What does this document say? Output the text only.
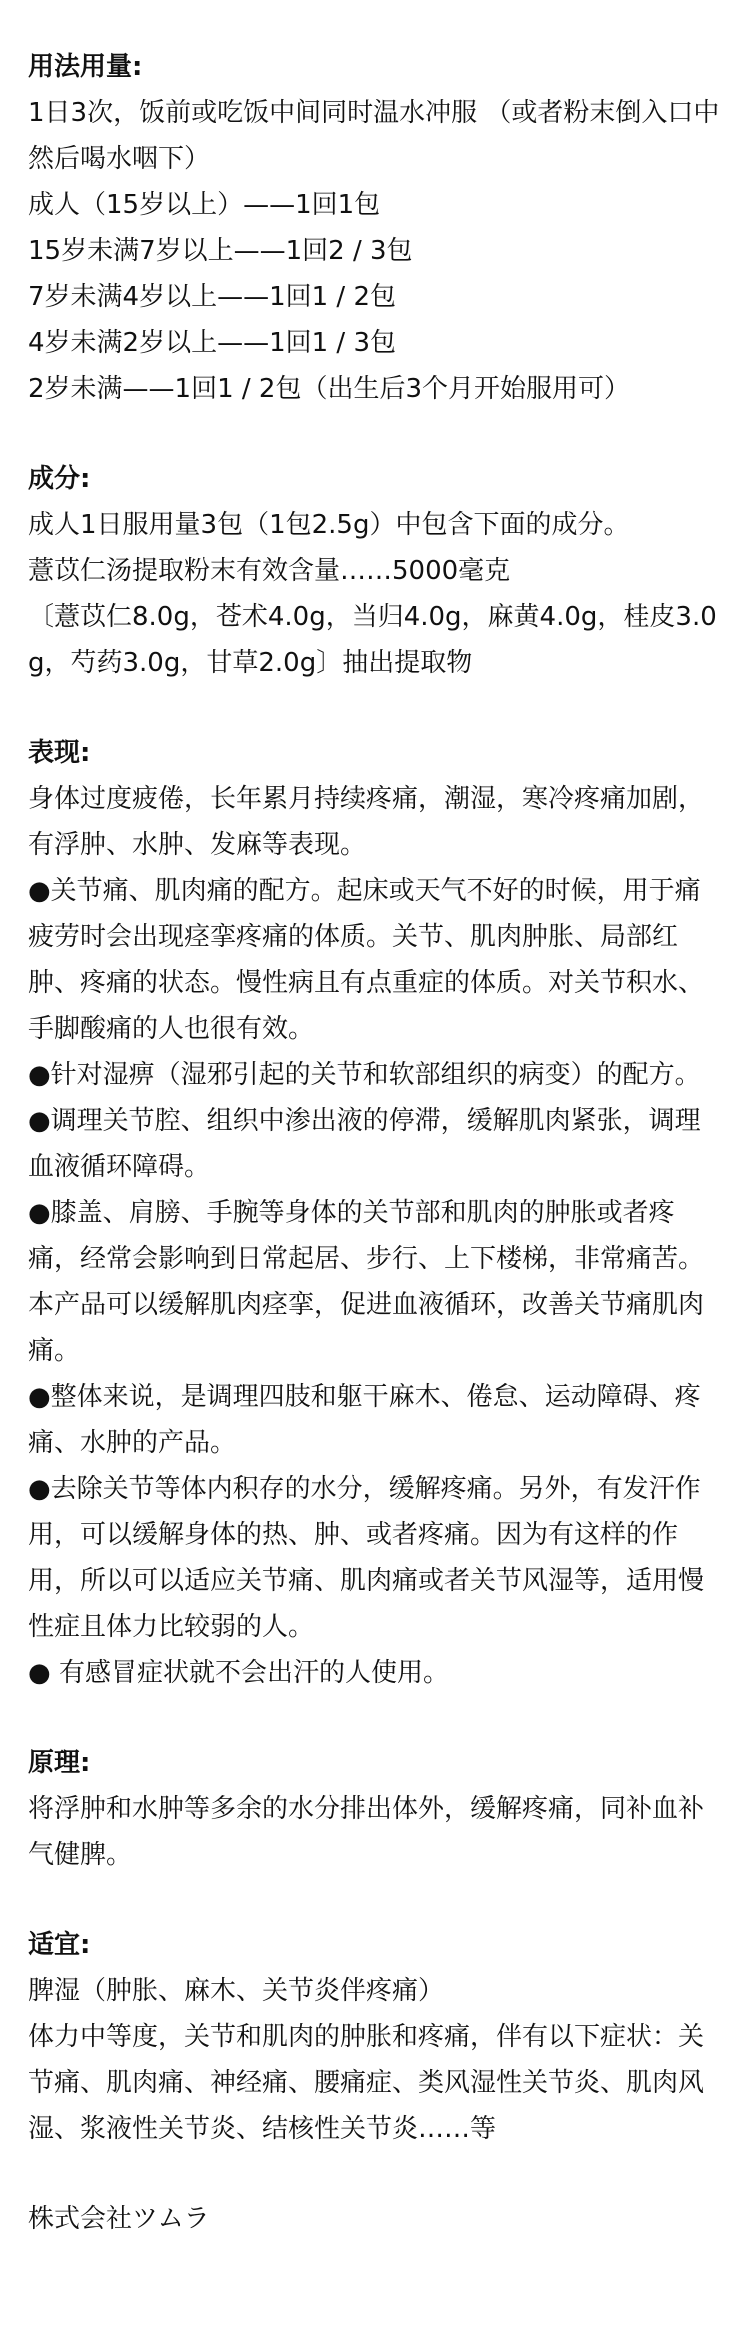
用法用量:

1日3次，饭前或吃饭中间同时温水冲服 （或者粉末倒入口中然后喝水咽下）

成人（15岁以上）——1回1包

15岁未满7岁以上——1回2 / 3包

7岁未满4岁以上——1回1 / 2包

4岁未满2岁以上——1回1 / 3包

2岁未满——1回1 / 2包（出生后3个月开始服用可）

成分:

成人1日服用量3包（1包2.5g）中包含下面的成分。

薏苡仁汤提取粉末有效含量……5000毫克

〔薏苡仁8.0g，苍术4.0g，当归4.0g，麻黄4.0g，桂皮3.0g，芍药3.0g，甘草2.0g〕抽出提取物

表现:

身体过度疲倦，长年累月持续疼痛，潮湿，寒冷疼痛加剧，有浮肿、水肿、发麻等表现。

●关节痛、肌肉痛的配方。起床或天气不好的时候，用于痛疲劳时会出现痉挛疼痛的体质。关节、肌肉肿胀、局部红肿、疼痛的状态。慢性病且有点重症的体质。对关节积水、手脚酸痛的人也很有效。

●针对湿痹（湿邪引起的关节和软部组织的病变）的配方。

●调理关节腔、组织中渗出液的停滞，缓解肌肉紧张，调理血液循环障碍。

●膝盖、肩膀、手腕等身体的关节部和肌肉的肿胀或者疼痛，经常会影响到日常起居、步行、上下楼梯，非常痛苦。本产品可以缓解肌肉痉挛，促进血液循环，改善关节痛肌肉痛。

●整体来说，是调理四肢和躯干麻木、倦怠、运动障碍、疼痛、水肿的产品。

●去除关节等体内积存的水分，缓解疼痛。另外，有发汗作用，可以缓解身体的热、肿、或者疼痛。因为有这样的作用，所以可以适应关节痛、肌肉痛或者关节风湿等，适用慢性症且体力比较弱的人。

● 有感冒症状就不会出汗的人使用。

原理:

将浮肿和水肿等多余的水分排出体外，缓解疼痛，同补血补气健脾。

适宜:

脾湿（肿胀、麻木、关节炎伴疼痛）

体力中等度，关节和肌肉的肿胀和疼痛，伴有以下症状：关节痛、肌肉痛、神经痛、腰痛症、类风湿性关节炎、肌肉风湿、浆液性关节炎、结核性关节炎……等

株式会社ツムラ
